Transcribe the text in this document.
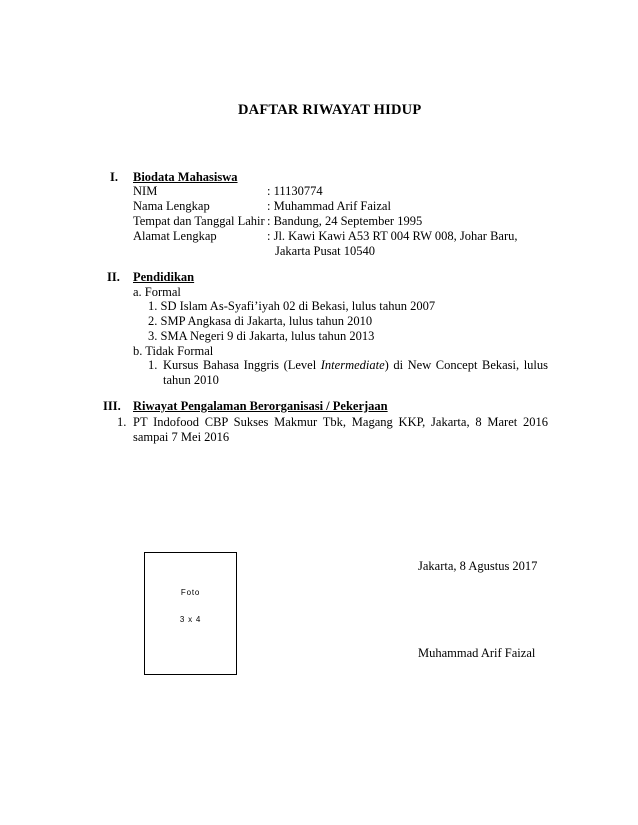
DAFTAR RIWAYAT HIDUP
I. Biodata Mahasiswa
NIM	: 11130774
Nama Lengkap	: Muhammad Arif Faizal
Tempat dan Tanggal Lahir : Bandung, 24 September 1995
Alamat Lengkap	: Jl. Kawi Kawi A53 RT 004 RW 008, Johar Baru,
Jakarta Pusat 10540
II. Pendidikan
a. Formal
1. SD Islam As-Syafi’iyah 02 di Bekasi, lulus tahun 2007
2. SMP Angkasa di Jakarta, lulus tahun 2010
3. SMA Negeri 9 di Jakarta, lulus tahun 2013
b. Tidak Formal
1. Kursus Bahasa Inggris (Level Intermediate) di New Concept Bekasi, lulus tahun 2010
III. Riwayat Pengalaman Berorganisasi / Pekerjaan
1. PT Indofood CBP Sukses Makmur Tbk, Magang KKP, Jakarta, 8 Maret 2016 sampai 7 Mei 2016
Foto
3 x 4
Jakarta, 8 Agustus 2017
Muhammad Arif Faizal
